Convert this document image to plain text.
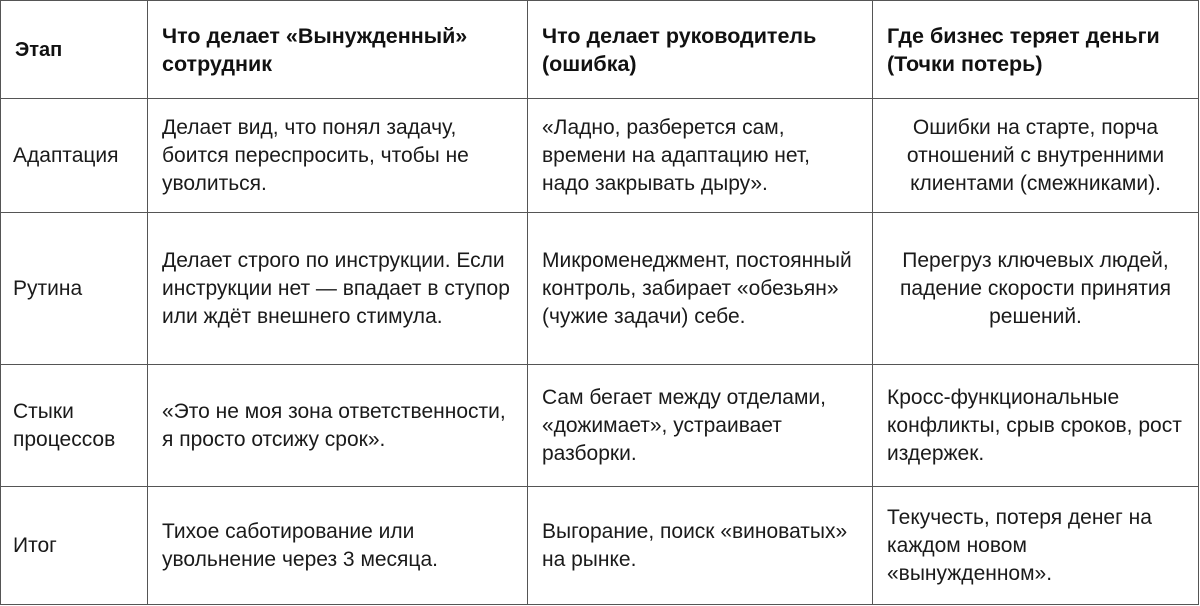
Этап	Что делает «Вынужденный» сотрудник	Что делает руководитель (ошибка)	Где бизнес теряет деньги (Точки потерь)
Адаптация	Делает вид, что понял задачу, боится переспросить, чтобы не уволиться.	«Ладно, разберется сам, времени на адаптацию нет, надо закрывать дыру».	Ошибки на старте, порча отношений с внутренними клиентами (смежниками).
Рутина	Делает строго по инструкции. Если инструкции нет — впадает в ступор или ждёт внешнего стимула.	Микроменеджмент, постоянный контроль, забирает «обезьян» (чужие задачи) себе.	Перегруз ключевых людей, падение скорости принятия решений.
Стыки процессов	«Это не моя зона ответственности, я просто отсижу срок».	Сам бегает между отделами, «дожимает», устраивает разборки.	Кросс-функциональные конфликты, срыв сроков, рост издержек.
Итог	Тихое саботирование или увольнение через 3 месяца.	Выгорание, поиск «виноватых» на рынке.	Текучесть, потеря денег на каждом новом «вынужденном».
